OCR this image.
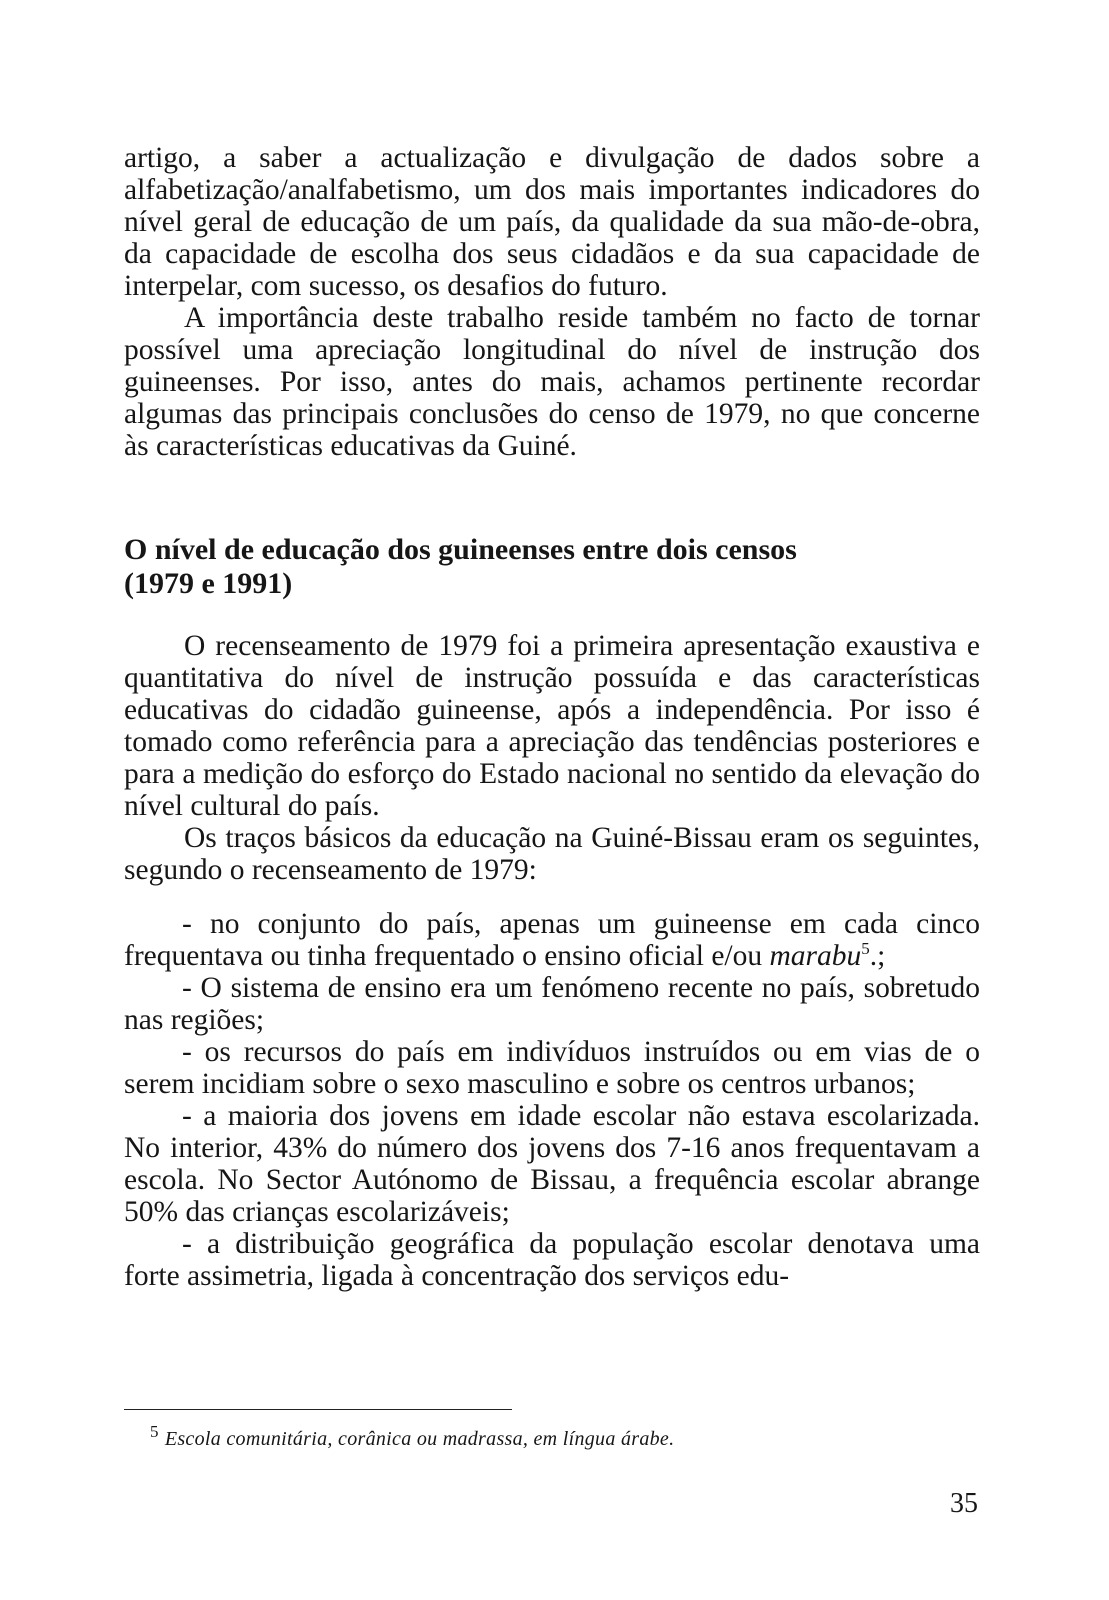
artigo, a saber a actualização e divulgação de dados sobre a alfabetização/analfabetismo, um dos mais importantes indicadores do nível geral de educação de um país, da qualidade da sua mão-de-obra, da capacidade de escolha dos seus cidadãos e da sua capacidade de interpelar, com sucesso, os desafios do futuro.

A importância deste trabalho reside também no facto de tornar possível uma apreciação longitudinal do nível de instrução dos guineenses. Por isso, antes do mais, achamos pertinente recordar algumas das principais conclusões do censo de 1979, no que concerne às características educativas da Guiné.

O nível de educação dos guineenses entre dois censos
(1979 e 1991)

O recenseamento de 1979 foi a primeira apresentação exaustiva e quantitativa do nível de instrução possuída e das características educativas do cidadão guineense, após a independência. Por isso é tomado como referência para a apreciação das tendências posteriores e para a medição do esforço do Estado nacional no sentido da elevação do nível cultural do país.

Os traços básicos da educação na Guiné-Bissau eram os seguintes, segundo o recenseamento de 1979:

- no conjunto do país, apenas um guineense em cada cinco frequentava ou tinha frequentado o ensino oficial e/ou marabu$^5$.;

- O sistema de ensino era um fenómeno recente no país, sobretudo nas regiões;

- os recursos do país em indivíduos instruídos ou em vias de o serem incidiam sobre o sexo masculino e sobre os centros urbanos;

- a maioria dos jovens em idade escolar não estava escolarizada. No interior, 43% do número dos jovens dos 7-16 anos frequentavam a escola. No Sector Autónomo de Bissau, a frequência escolar abrange 50% das crianças escolarizáveis;

- a distribuição geográfica da população escolar denotava uma forte assimetria, ligada à concentração dos serviços edu-

$^5$ Escola comunitária, corânica ou madrassa, em língua árabe.
35
